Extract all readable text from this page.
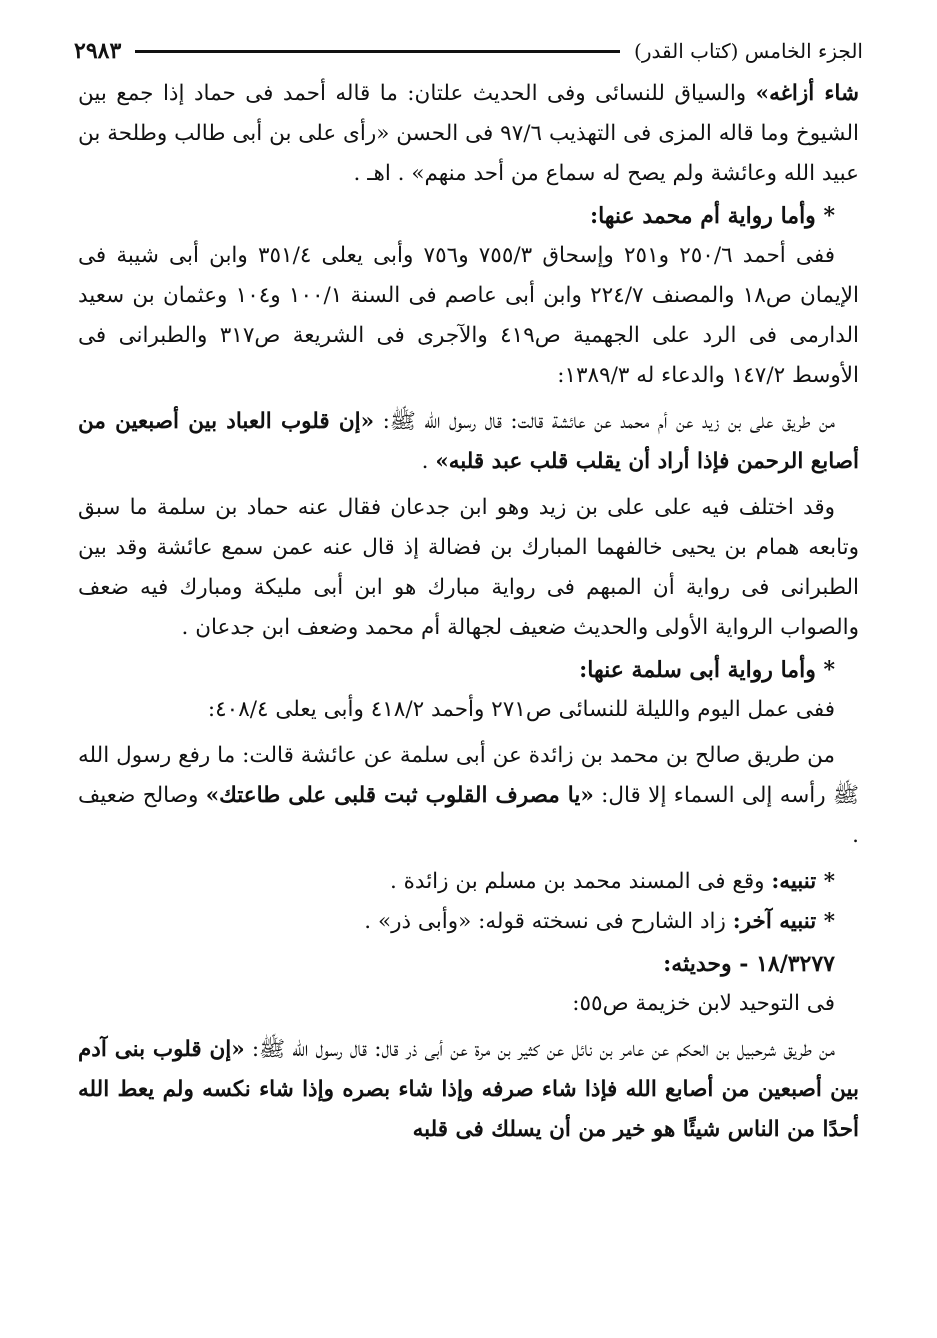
الجزء الخامس (كتاب القدر)
٢٩٨٣

شاء أزاغه» والسياق للنسائى وفى الحديث علتان: ما قاله أحمد فى حماد إذا جمع بين الشيوخ وما قاله المزى فى التهذيب ٩٧/٦ فى الحسن «رأى على بن أبى طالب وطلحة بن عبيد الله وعائشة ولم يصح له سماع من أحد منهم» . اهـ .

* وأما رواية أم محمد عنها:

ففى أحمد ٢٥٠/٦ و٢٥١ وإسحاق ٧٥٥/٣ و٧٥٦ وأبى يعلى ٣٥١/٤ وابن أبى شيبة فى الإيمان ص١٨ والمصنف ٢٢٤/٧ وابن أبى عاصم فى السنة ١٠٠/١ و١٠٤ وعثمان بن سعيد الدارمى فى الرد على الجهمية ص٤١٩ والآجرى فى الشريعة ص٣١٧ والطبرانى فى الأوسط ١٤٧/٢ والدعاء له ١٣٨٩/٣:

من طريق على بن زيد عن أم محمد عن عائشة قالت: قال رسول الله ﷺ: «إن قلوب العباد بين أصبعين من أصابع الرحمن فإذا أراد أن يقلب قلب عبد قلبه» .

وقد اختلف فيه على على بن زيد وهو ابن جدعان فقال عنه حماد بن سلمة ما سبق وتابعه همام بن يحيى خالفهما المبارك بن فضالة إذ قال عنه عمن سمع عائشة وقد بين الطبرانى فى رواية أن المبهم فى رواية مبارك هو ابن أبى مليكة ومبارك فيه ضعف والصواب الرواية الأولى والحديث ضعيف لجهالة أم محمد وضعف ابن جدعان .

* وأما رواية أبى سلمة عنها:

ففى عمل اليوم والليلة للنسائى ص٢٧١ وأحمد ٤١٨/٢ وأبى يعلى ٤٠٨/٤:

من طريق صالح بن محمد بن زائدة عن أبى سلمة عن عائشة قالت: ما رفع رسول الله ﷺ رأسه إلى السماء إلا قال: «يا مصرف القلوب ثبت قلبى على طاعتك» وصالح ضعيف .

* تنبيه: وقع فى المسند محمد بن مسلم بن زائدة .

* تنبيه آخر: زاد الشارح فى نسخته قوله: «وأبى ذر» .

١٨/٣٢٧٧ - وحديثه:

فى التوحيد لابن خزيمة ص٥٥:

من طريق شرحبيل بن الحكم عن عامر بن نائل عن كثير بن مرة عن أبى ذر قال: قال رسول الله ﷺ: «إن قلوب بنى آدم بين أصبعين من أصابع الله فإذا شاء صرفه وإذا شاء بصره وإذا شاء نكسه ولم يعط الله أحدًا من الناس شيئًا هو خير من أن يسلك فى قلبه
